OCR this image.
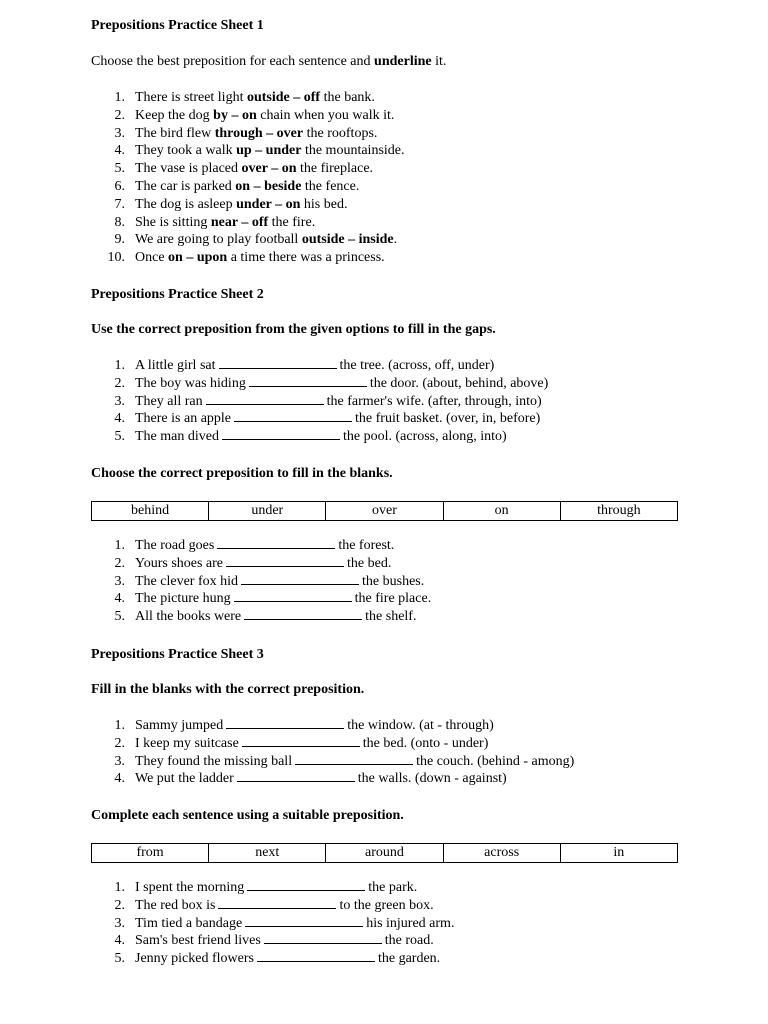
Prepositions Practice Sheet 1
Choose the best preposition for each sentence and underline it.
1. There is street light outside – off the bank.
2. Keep the dog by – on chain when you walk it.
3. The bird flew through – over the rooftops.
4. They took a walk up – under the mountainside.
5. The vase is placed over – on the fireplace.
6. The car is parked on – beside the fence.
7. The dog is asleep under – on his bed.
8. She is sitting near – off the fire.
9. We are going to play football outside – inside.
10. Once on – upon a time there was a princess.
Prepositions Practice Sheet 2
Use the correct preposition from the given options to fill in the gaps.
1. A little girl sat	the tree. (across, off, under)
2. The boy was hiding	the door. (about, behind, above)
3. They all ran	the farmer's wife. (after, through, into)
4. There is an apple	the fruit basket. (over, in, before)
5. The man dived	the pool. (across, along, into)
Choose the correct preposition to fill in the blanks.
behind	under	over	on	through
1. The road goes	the forest.
2. Yours shoes are	the bed.
3. The clever fox hid	the bushes.
4. The picture hung	the fire place.
5. All the books were	the shelf.
Prepositions Practice Sheet 3
Fill in the blanks with the correct preposition.
1. Sammy jumped	the window. (at - through)
2. I keep my suitcase	the bed. (onto - under)
3. They found the missing ball	the couch. (behind - among)
4. We put the ladder	the walls. (down - against)
Complete each sentence using a suitable preposition.
from	next	around	across	in
1. I spent the morning	the park.
2. The red box is	to the green box.
3. Tim tied a bandage	his injured arm.
4. Sam's best friend lives	the road.
5. Jenny picked flowers	the garden.
